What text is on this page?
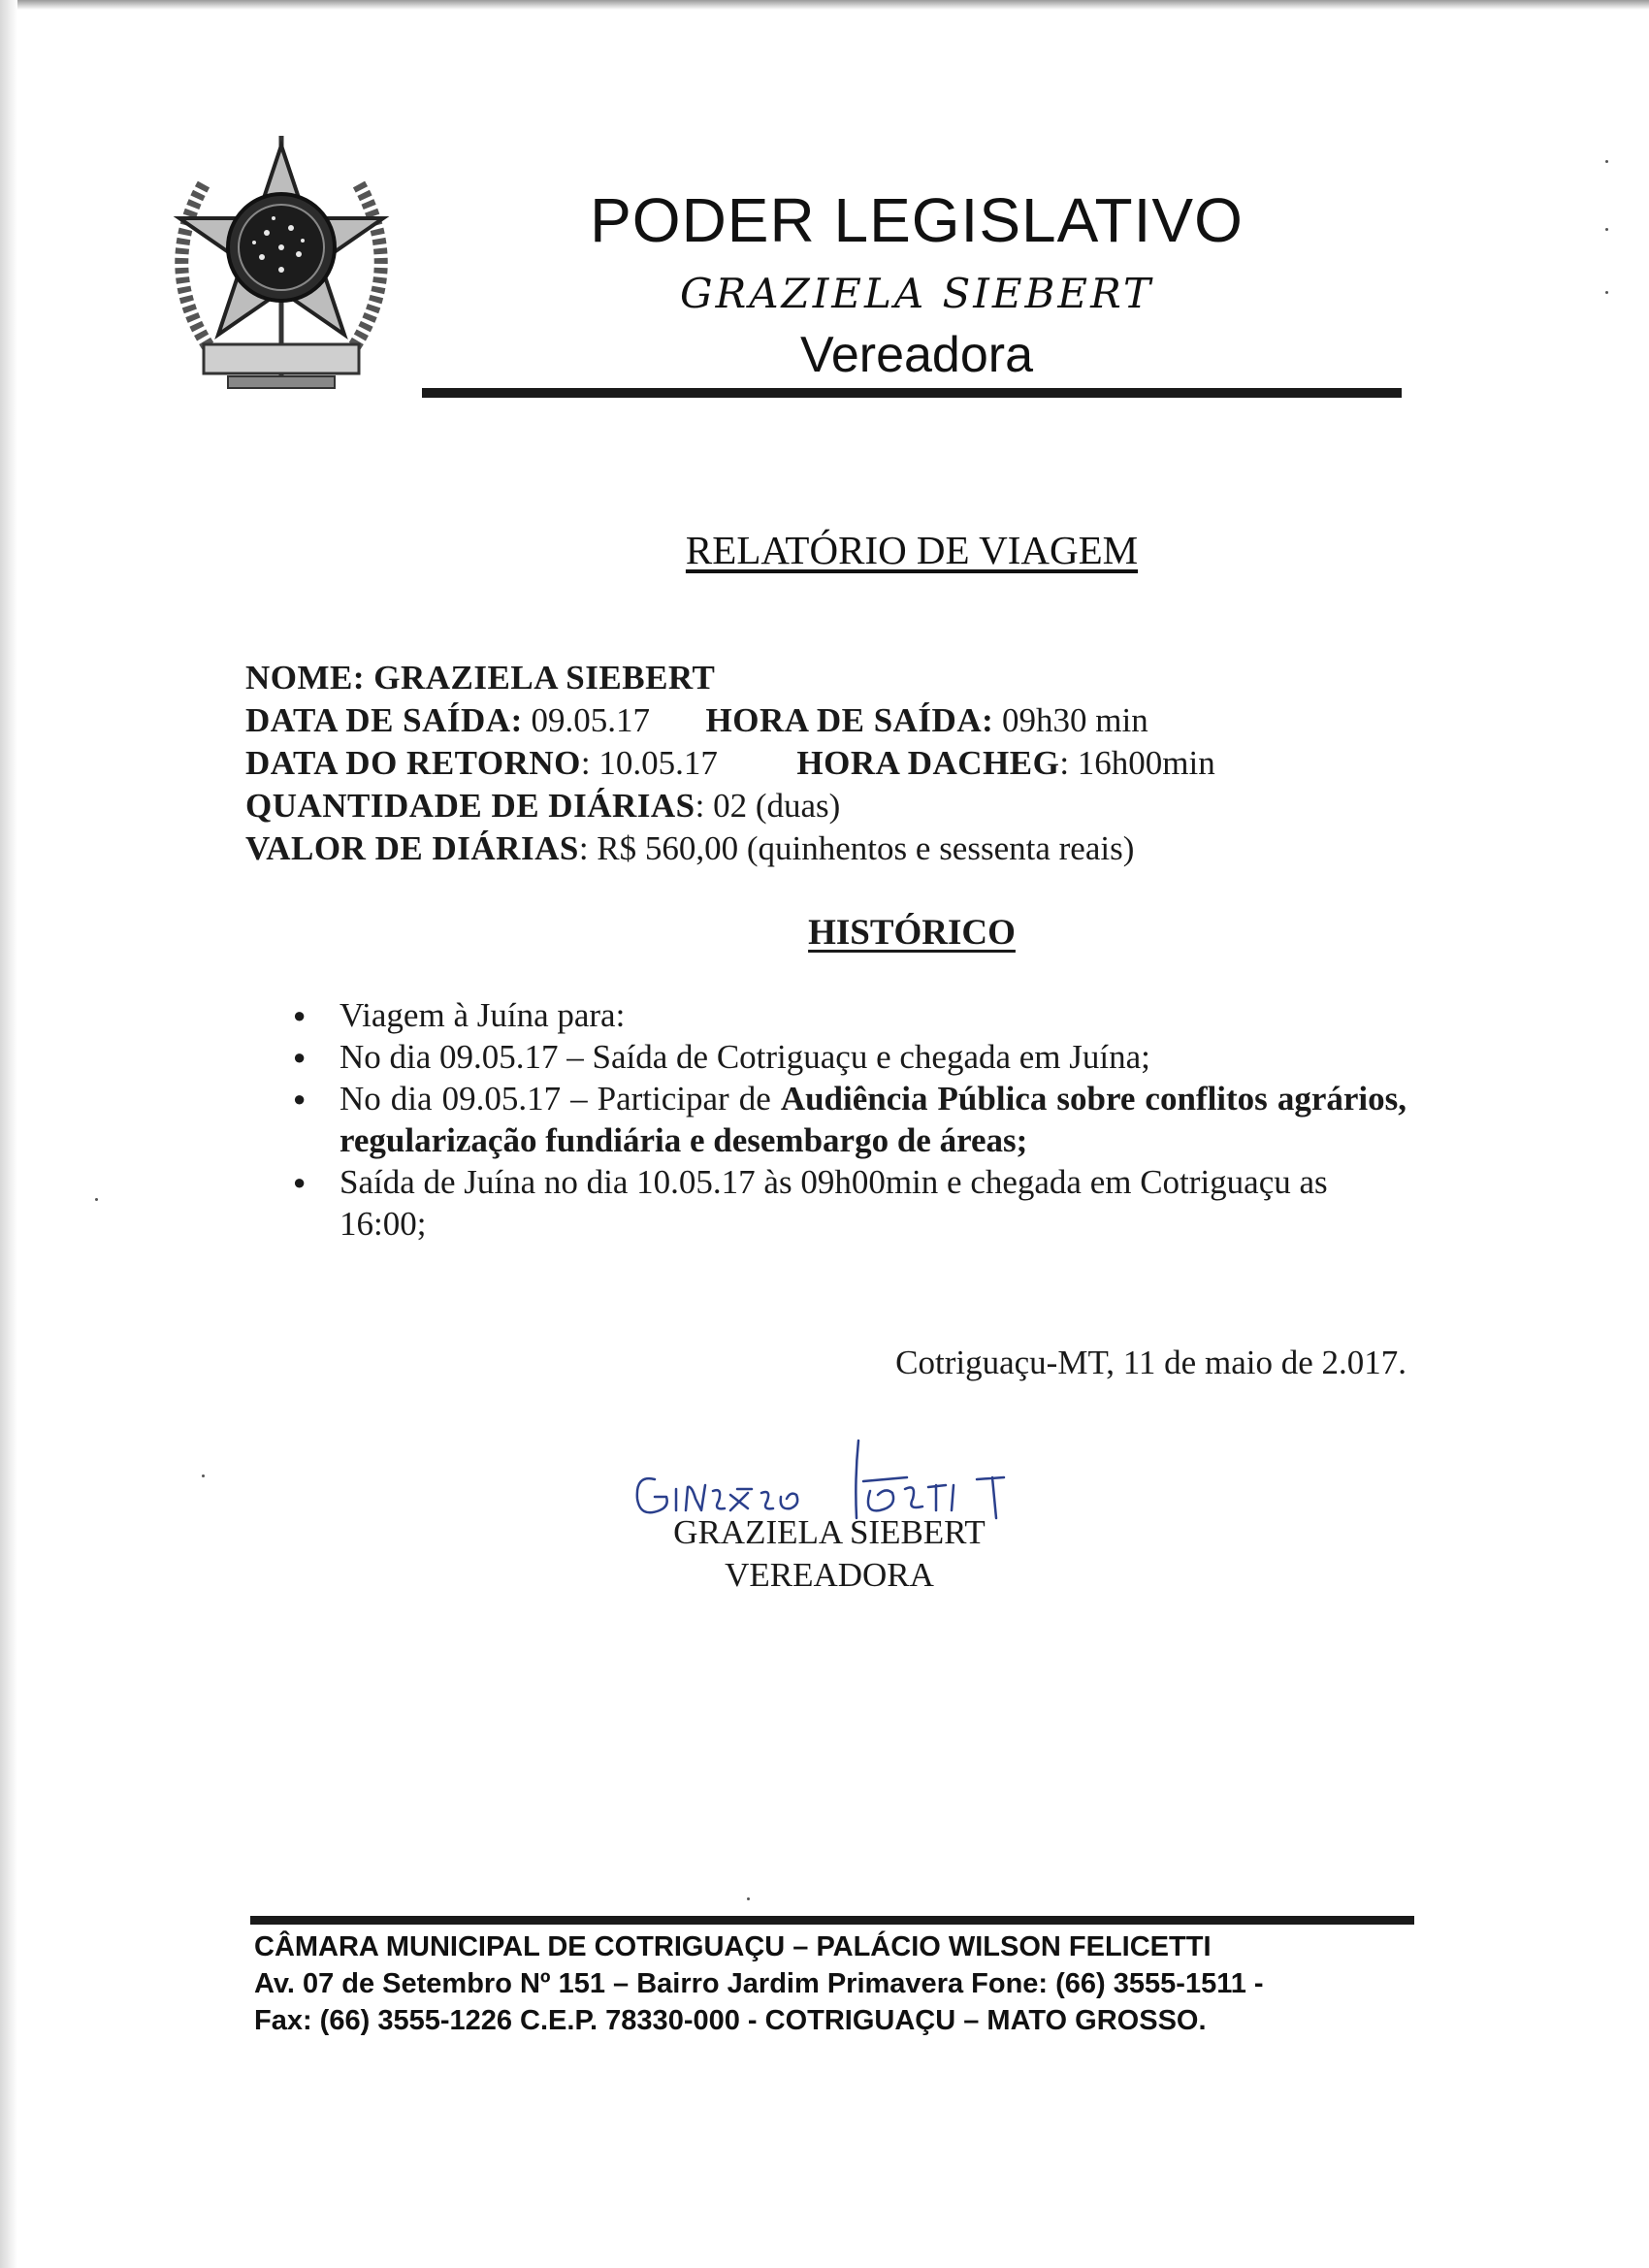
PODER LEGISLATIVO
GRAZIELA SIEBERT
Vereadora
RELATÓRIO DE VIAGEM
NOME: GRAZIELA SIEBERT
DATA DE SAÍDA: 09.05.17 HORA DE SAÍDA: 09h30 min
DATA DO RETORNO: 10.05.17 HORA DACHEG: 16h00min
QUANTIDADE DE DIÁRIAS: 02 (duas)
VALOR DE DIÁRIAS: R$ 560,00 (quinhentos e sessenta reais)
HISTÓRICO
● Viagem à Juína para:
● No dia 09.05.17 – Saída de Cotriguaçu e chegada em Juína;
● No dia 09.05.17 – Participar de Audiência Pública sobre conflitos agrários, regularização fundiária e desembargo de áreas;
● Saída de Juína no dia 10.05.17 às 09h00min e chegada em Cotriguaçu as 16:00;
Cotriguaçu-MT, 11 de maio de 2.017.
GRAZIELA SIEBERT
VEREADORA
CÂMARA MUNICIPAL DE COTRIGUAÇU – PALÁCIO WILSON FELICETTI
Av. 07 de Setembro Nº 151 – Bairro Jardim Primavera Fone: (66) 3555-1511 -
Fax: (66) 3555-1226 C.E.P. 78330-000 - COTRIGUAÇU – MATO GROSSO.
